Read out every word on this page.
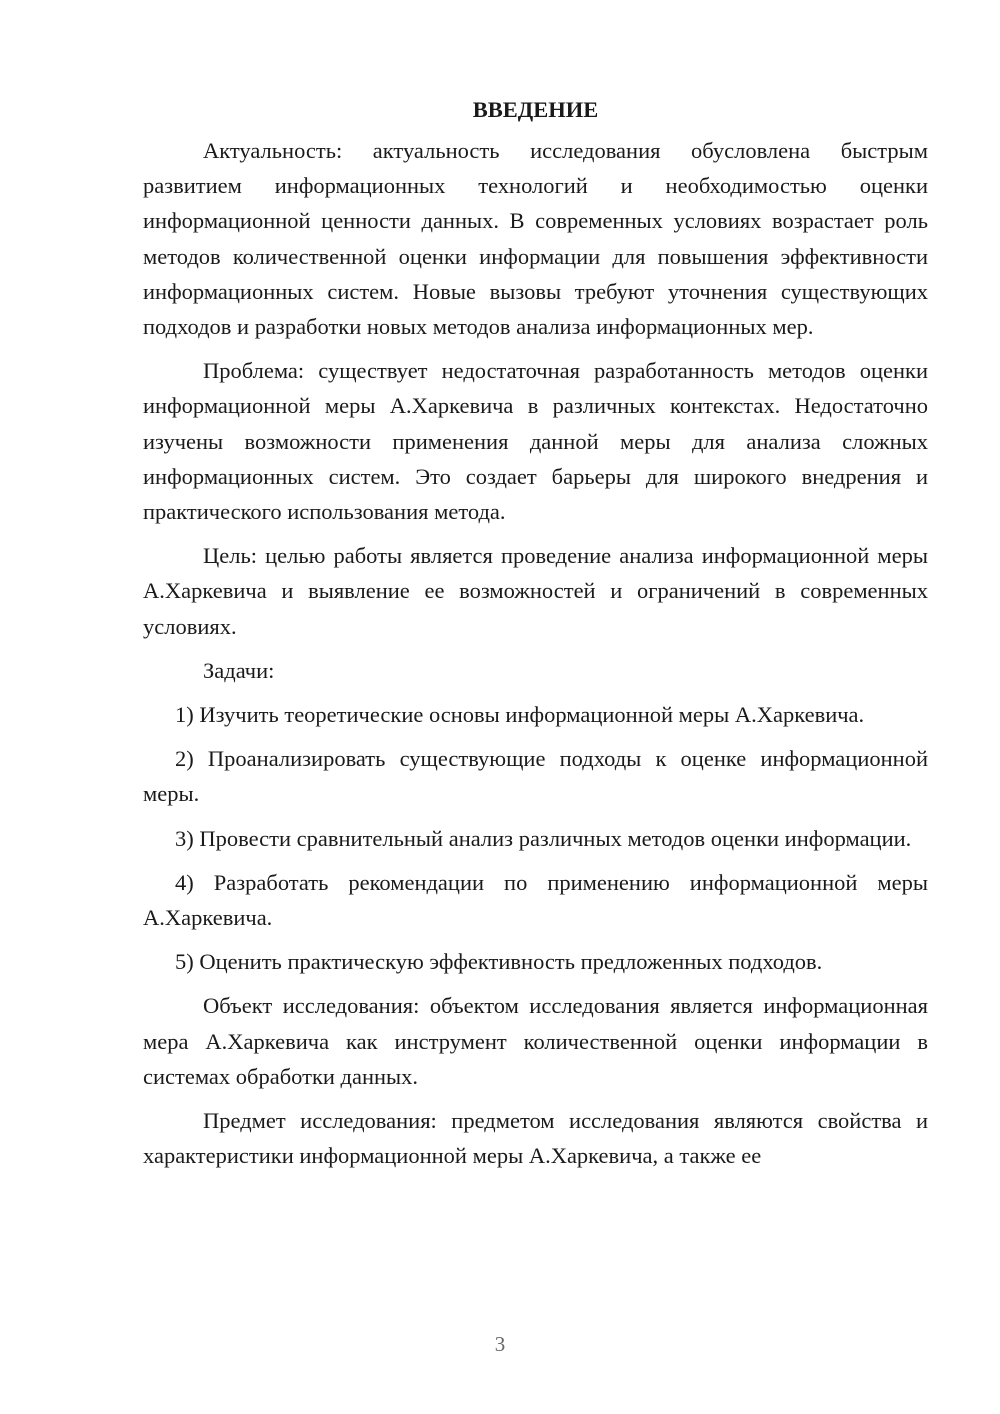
ВВЕДЕНИЕ

Актуальность: актуальность исследования обусловлена быстрым развитием информационных технологий и необходимостью оценки информационной ценности данных. В современных условиях возрастает роль методов количественной оценки информации для повышения эффективности информационных систем. Новые вызовы требуют уточнения существующих подходов и разработки новых методов анализа информационных мер.

Проблема: существует недостаточная разработанность методов оценки информационной меры А.Харкевича в различных контекстах. Недостаточно изучены возможности применения данной меры для анализа сложных информационных систем. Это создает барьеры для широкого внедрения и практического использования метода.

Цель: целью работы является проведение анализа информационной меры А.Харкевича и выявление ее возможностей и ограничений в современных условиях.

Задачи:

1) Изучить теоретические основы информационной меры А.Харкевича.

2) Проанализировать существующие подходы к оценке информационной меры.

3) Провести сравнительный анализ различных методов оценки информации.

4) Разработать рекомендации по применению информационной меры А.Харкевича.

5) Оценить практическую эффективность предложенных подходов.

Объект исследования: объектом исследования является информационная мера А.Харкевича как инструмент количественной оценки информации в системах обработки данных.

Предмет исследования: предметом исследования являются свойства и характеристики информационной меры А.Харкевича, а также ее

3
